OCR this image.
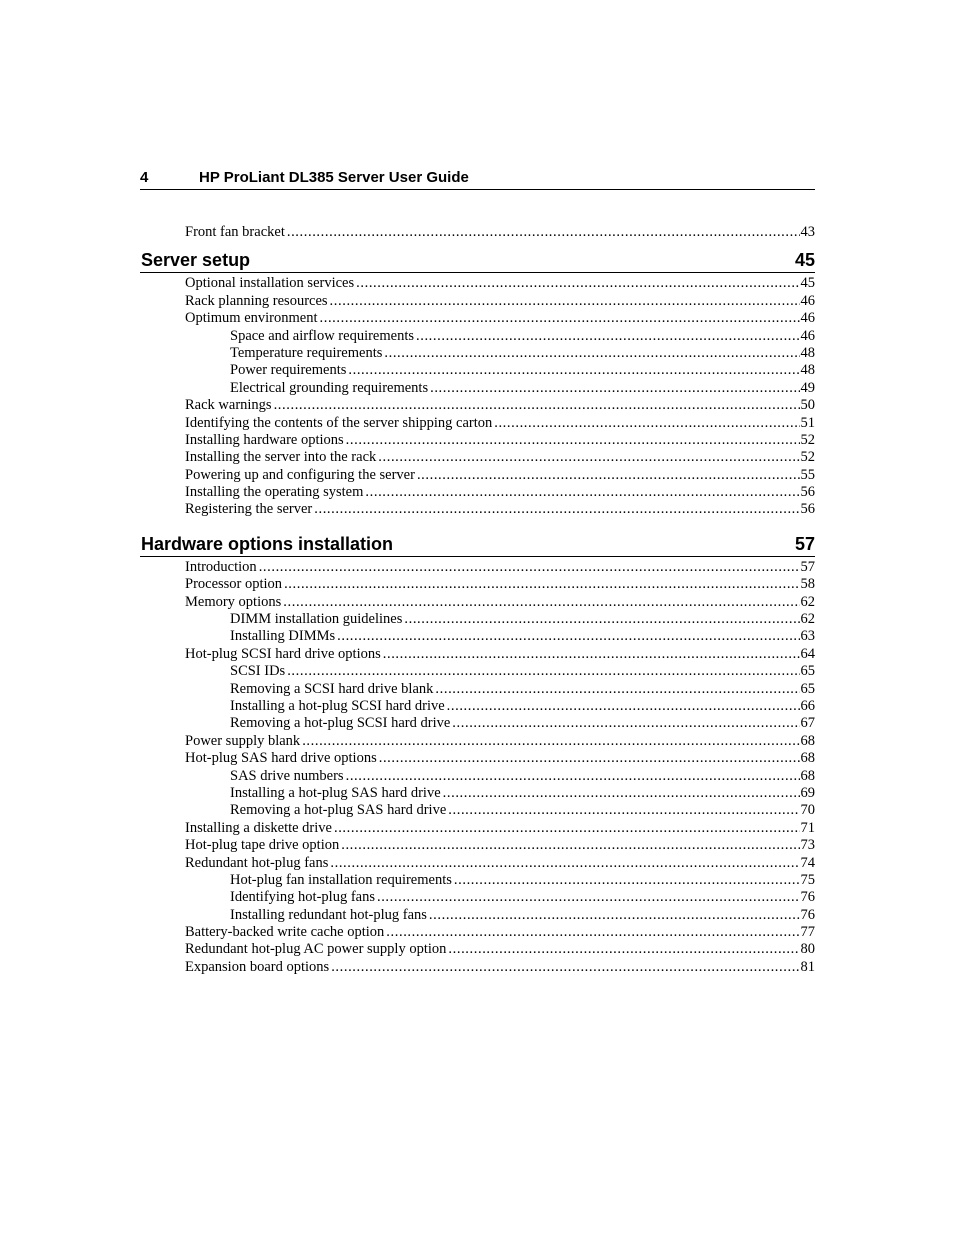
4	HP ProLiant DL385 Server User Guide
Front fan bracket .....	43
Server setup	45
Optional installation services .....	45
Rack planning resources .....	46
Optimum environment .....	46
Space and airflow requirements .....	46
Temperature requirements .....	48
Power requirements .....	48
Electrical grounding requirements .....	49
Rack warnings .....	50
Identifying the contents of the server shipping carton .....	51
Installing hardware options .....	52
Installing the server into the rack .....	52
Powering up and configuring the server .....	55
Installing the operating system .....	56
Registering the server .....	56
Hardware options installation	57
Introduction .....	57
Processor option .....	58
Memory options .....	62
DIMM installation guidelines .....	62
Installing DIMMs .....	63
Hot-plug SCSI hard drive options .....	64
SCSI IDs .....	65
Removing a SCSI hard drive blank .....	65
Installing a hot-plug SCSI hard drive .....	66
Removing a hot-plug SCSI hard drive .....	67
Power supply blank .....	68
Hot-plug SAS hard drive options .....	68
SAS drive numbers .....	68
Installing a hot-plug SAS hard drive .....	69
Removing a hot-plug SAS hard drive .....	70
Installing a diskette drive .....	71
Hot-plug tape drive option .....	73
Redundant hot-plug fans .....	74
Hot-plug fan installation requirements .....	75
Identifying hot-plug fans .....	76
Installing redundant hot-plug fans .....	76
Battery-backed write cache option .....	77
Redundant hot-plug AC power supply option .....	80
Expansion board options .....	81
